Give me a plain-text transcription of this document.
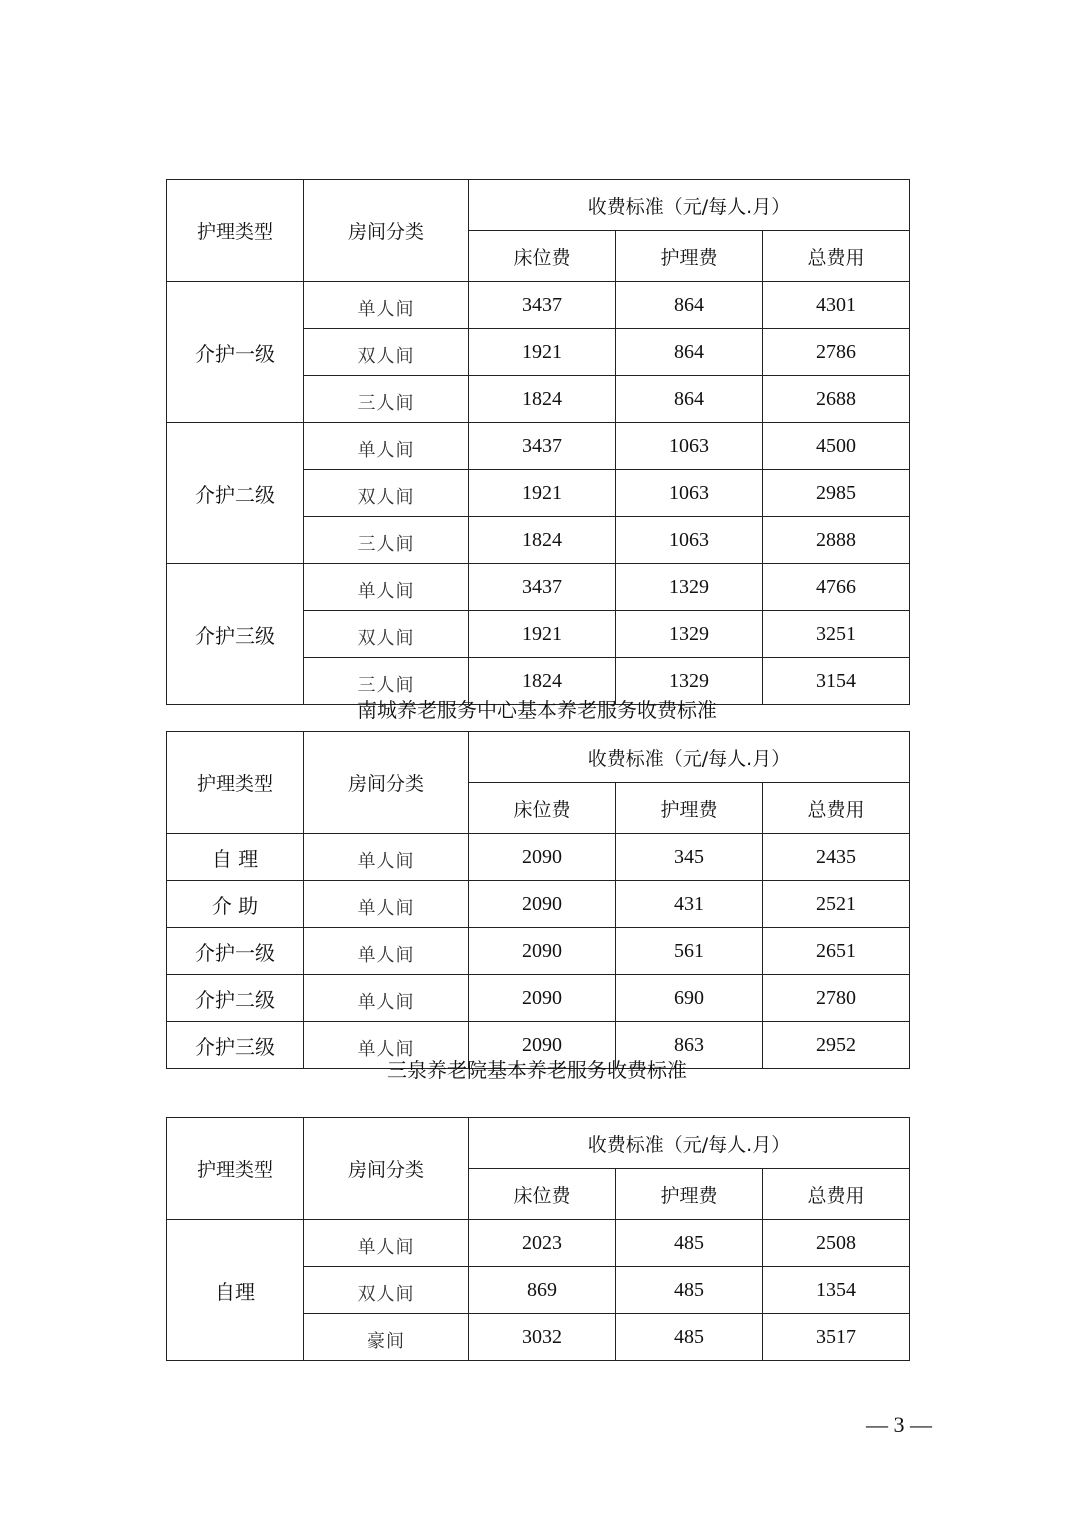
护理类型	房间分类	收费标准（元/每人.月）		
		床位费	护理费	总费用
介护一级	单人间	3437	864	4301
	双人间	1921	864	2786
	三人间	1824	864	2688
介护二级	单人间	3437	1063	4500
	双人间	1921	1063	2985
	三人间	1824	1063	2888
介护三级	单人间	3437	1329	4766
	双人间	1921	1329	3251
	三人间	1824	1329	3154
南城养老服务中心基本养老服务收费标准
护理类型	房间分类	收费标准（元/每人.月）		
		床位费	护理费	总费用
自 理	单人间	2090	345	2435
介 助	单人间	2090	431	2521
介护一级	单人间	2090	561	2651
介护二级	单人间	2090	690	2780
介护三级	单人间	2090	863	2952
三泉养老院基本养老服务收费标准
护理类型	房间分类	收费标准（元/每人.月）		
		床位费	护理费	总费用
自理	单人间	2023	485	2508
	双人间	869	485	1354
	豪间	3032	485	3517
— 3 —
